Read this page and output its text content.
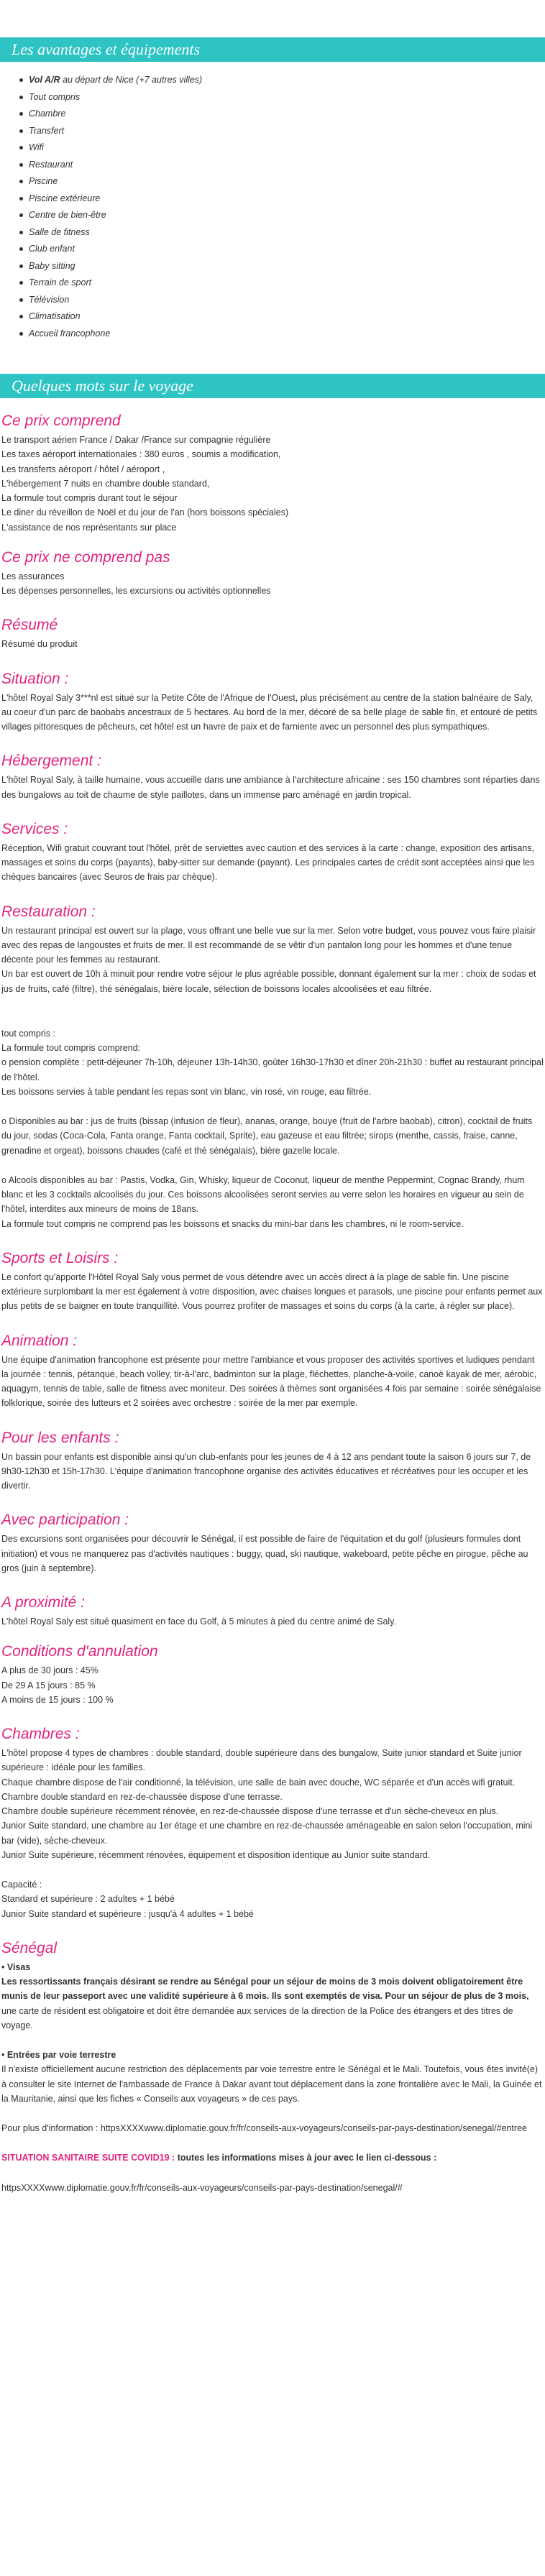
Les avantages et équipements
Vol A/R au départ de Nice (+7 autres villes)
Tout compris
Chambre
Transfert
Wifi
Restaurant
Piscine
Piscine extérieure
Centre de bien-être
Salle de fitness
Club enfant
Baby sitting
Terrain de sport
Télévision
Climatisation
Accueil francophone
Quelques mots sur le voyage
Ce prix comprend
Le transport aérien France / Dakar /France sur compagnie régulière
Les taxes aéroport internationales : 380 euros , soumis a modification,
Les transferts aéroport / hôtel / aéroport ,
L'hébergement 7 nuits en chambre double standard,
La formule tout compris durant tout le séjour
Le diner du réveillon de Noël et du jour de l'an (hors boissons spéciales)
L'assistance de nos représentants sur place
Ce prix ne comprend pas
Les assurances
Les dépenses personnelles, les excursions ou activités optionnelles
Résumé
Résumé du produit
Situation :
L'hôtel Royal Saly 3***nl est situé sur la Petite Côte de l'Afrique de l'Ouest, plus précisément au centre de la station balnéaire de Saly, au coeur d'un parc de baobabs ancestraux de 5 hectares. Au bord de la mer, décoré de sa belle plage de sable fin, et entouré de petits villages pittoresques de pêcheurs, cet hôtel est un havre de paix et de farniente avec un personnel des plus sympathiques.
Hébergement :
L'hôtel Royal Saly, à taille humaine, vous accueille dans une ambiance à l'architecture africaine : ses 150 chambres sont réparties dans des bungalows au toit de chaume de style paillotes, dans un immense parc aménagé en jardin tropical.
Services :
Réception, Wifi gratuit couvrant tout l'hôtel, prêt de serviettes avec caution et des services à la carte : change, exposition des artisans, massages et soins du corps (payants), baby-sitter sur demande (payant). Les principales cartes de crédit sont acceptées ainsi que les chèques bancaires (avec Seuros de frais par chèque).
Restauration :
Un restaurant principal est ouvert sur la plage, vous offrant une belle vue sur la mer. Selon votre budget, vous pouvez vous faire plaisir avec des repas de langoustes et fruits de mer. Il est recommandé de se vêtir d'un pantalon long pour les hommes et d'une tenue décente pour les femmes au restaurant.
Un bar est ouvert de 10h à minuit pour rendre votre séjour le plus agréable possible, donnant également sur la mer : choix de sodas et jus de fruits, café (filtre), thé sénégalais, bière locale, sélection de boissons locales alcoolisées et eau filtrée.
tout compris :
La formule tout compris comprend:
o pension complète : petit-déjeuner 7h-10h, déjeuner 13h-14h30, goûter 16h30-17h30 et dîner 20h-21h30 : buffet au restaurant principal de l'hôtel.
Les boissons servies à table pendant les repas sont vin blanc, vin rosé, vin rouge, eau filtrée.
o Disponibles au bar : jus de fruits (bissap (infusion de fleur), ananas, orange, bouye (fruit de l'arbre baobab), citron), cocktail de fruits du jour, sodas (Coca-Cola, Fanta orange, Fanta cocktail, Sprite), eau gazeuse et eau filtrée; sirops (menthe, cassis, fraise, canne, grenadine et orgeat), boissons chaudes (café et thé sénégalais), bière gazelle locale.
o Alcools disponibles au bar : Pastis, Vodka, Gin, Whisky, liqueur de Coconut, liqueur de menthe Peppermint, Cognac Brandy, rhum blanc et les 3 cocktails alcoolisés du jour. Ces boissons alcoolisées seront servies au verre selon les horaires en vigueur au sein de l'hôtel, interdites aux mineurs de moins de 18ans.
La formule tout compris ne comprend pas les boissons et snacks du mini-bar dans les chambres, ni le room-service.
Sports et Loisirs :
Le confort qu'apporte l'Hôtel Royal Saly vous permet de vous détendre avec un accès direct à la plage de sable fin. Une piscine extérieure surplombant la mer est également à votre disposition, avec chaises longues et parasols, une piscine pour enfants permet aux plus petits de se baigner en toute tranquillité. Vous pourrez profiter de massages et soins du corps (à la carte, à régler sur place).
Animation :
Une équipe d'animation francophone est présente pour mettre l'ambiance et vous proposer des activités sportives et ludiques pendant la journée : tennis, pétanque, beach volley, tir-à-l'arc, badminton sur la plage, fléchettes, planche-à-voile, canoë kayak de mer, aérobic, aquagym, tennis de table, salle de fitness avec moniteur. Des soirées à thèmes sont organisées 4 fois par semaine : soirée sénégalaise folklorique, soirée des lutteurs et 2 soirées avec orchestre : soirée de la mer par exemple.
Pour les enfants :
Un bassin pour enfants est disponible ainsi qu'un club-enfants pour les jeunes de 4 à 12 ans pendant toute la saison 6 jours sur 7, de 9h30-12h30 et 15h-17h30. L'équipe d'animation francophone organise des activités éducatives et récréatives pour les occuper et les divertir.
Avec participation :
Des excursions sont organisées pour découvrir le Sénégal, il est possible de faire de l'équitation et du golf (plusieurs formules dont initiation) et vous ne manquerez pas d'activités nautiques : buggy, quad, ski nautique, wakeboard, petite pêche en pirogue, pêche au gros (juin à septembre).
A proximité :
L'hôtel Royal Saly est situé quasiment en face du Golf, à 5 minutes à pied du centre animé de Saly.
Conditions d'annulation
A plus de 30 jours : 45%
De 29 A 15 jours : 85 %
A moins de 15 jours : 100 %
Chambres :
L'hôtel propose 4 types de chambres : double standard, double supérieure dans des bungalow, Suite junior standard et Suite junior supérieure : idéale pour les familles.
Chaque chambre dispose de l'air conditionné, la télévision, une salle de bain avec douche, WC séparée et d'un accès wifi gratuit.
Chambre double standard en rez-de-chaussée dispose d'une terrasse.
Chambre double supérieure récemment rénovée, en rez-de-chaussée dispose d'une terrasse et d'un sèche-cheveux en plus.
Junior Suite standard, une chambre au 1er étage et une chambre en rez-de-chaussée aménageable en salon selon l'occupation, mini bar (vide), sèche-cheveux.
Junior Suite supérieure, récemment rénovées, équipement et disposition identique au Junior suite standard.
Capacité :
Standard et supérieure : 2 adultes + 1 bébé
Junior Suite standard et supérieure : jusqu'à 4 adultes + 1 bébé
Sénégal
• Visas
Les ressortissants français désirant se rendre au Sénégal pour un séjour de moins de 3 mois doivent obligatoirement être munis de leur passeport avec une validité supérieure à 6 mois. Ils sont exemptés de visa. Pour un séjour de plus de 3 mois, une carte de résident est obligatoire et doit être demandée aux services de la direction de la Police des étrangers et des titres de voyage.
• Entrées par voie terrestre
Il n'existe officiellement aucune restriction des déplacements par voie terrestre entre le Sénégal et le Mali. Toutefois, vous êtes invité(e) à consulter le site Internet de l'ambassade de France à Dakar avant tout déplacement dans la zone frontalière avec le Mali, la Guinée et la Mauritanie, ainsi que les fiches « Conseils aux voyageurs » de ces pays.
Pour plus d'information : httpsXXXXwww.diplomatie.gouv.fr/fr/conseils-aux-voyageurs/conseils-par-pays-destination/senegal/#entree
SITUATION SANITAIRE SUITE COVID19 : toutes les informations mises à jour avec le lien ci-dessous :
httpsXXXXwww.diplomatie.gouv.fr/fr/conseils-aux-voyageurs/conseils-par-pays-destination/senegal/#
